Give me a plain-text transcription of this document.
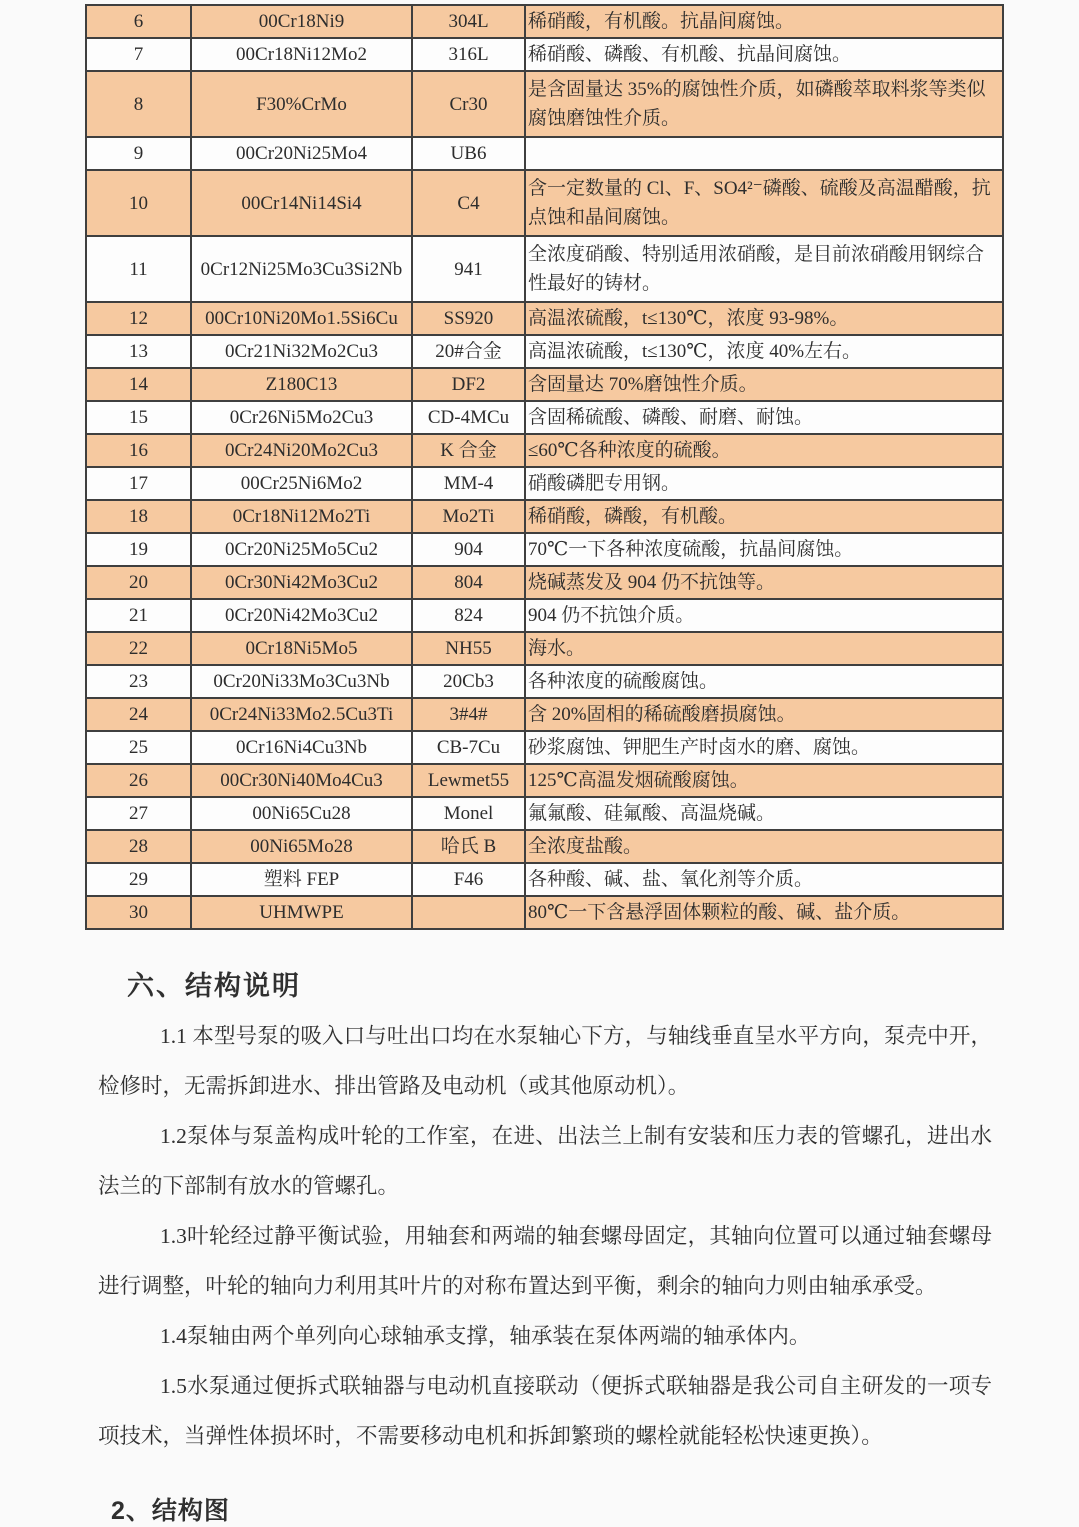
6	00Cr18Ni9	304L	稀硝酸，有机酸。抗晶间腐蚀。
7	00Cr18Ni12Mo2	316L	稀硝酸、磷酸、有机酸、抗晶间腐蚀。
8	F30%CrMo	Cr30	是含固量达 35%的腐蚀性介质，如磷酸萃取料浆等类似腐蚀磨蚀性介质。
9	00Cr20Ni25Mo4	UB6	
10	00Cr14Ni14Si4	C4	含一定数量的 Cl、F、SO4²⁻磷酸、硫酸及高温醋酸，抗点蚀和晶间腐蚀。
11	0Cr12Ni25Mo3Cu3Si2Nb	941	全浓度硝酸、特别适用浓硝酸，是目前浓硝酸用钢综合性最好的铸材。
12	00Cr10Ni20Mo1.5Si6Cu	SS920	高温浓硫酸，t≤130℃，浓度 93-98%。
13	0Cr21Ni32Mo2Cu3	20#合金	高温浓硫酸，t≤130℃，浓度 40%左右。
14	Z180C13	DF2	含固量达 70%磨蚀性介质。
15	0Cr26Ni5Mo2Cu3	CD-4MCu	含固稀硫酸、磷酸、耐磨、耐蚀。
16	0Cr24Ni20Mo2Cu3	K 合金	≤60℃各种浓度的硫酸。
17	00Cr25Ni6Mo2	MM-4	硝酸磷肥专用钢。
18	0Cr18Ni12Mo2Ti	Mo2Ti	稀硝酸，磷酸，有机酸。
19	0Cr20Ni25Mo5Cu2	904	70℃一下各种浓度硫酸，抗晶间腐蚀。
20	0Cr30Ni42Mo3Cu2	804	烧碱蒸发及 904 仍不抗蚀等。
21	0Cr20Ni42Mo3Cu2	824	904 仍不抗蚀介质。
22	0Cr18Ni5Mo5	NH55	海水。
23	0Cr20Ni33Mo3Cu3Nb	20Cb3	各种浓度的硫酸腐蚀。
24	0Cr24Ni33Mo2.5Cu3Ti	3#4#	含 20%固相的稀硫酸磨损腐蚀。
25	0Cr16Ni4Cu3Nb	CB-7Cu	砂浆腐蚀、钾肥生产时卤水的磨、腐蚀。
26	00Cr30Ni40Mo4Cu3	Lewmet55	125℃高温发烟硫酸腐蚀。
27	00Ni65Cu28	Monel	氟氟酸、硅氟酸、高温烧碱。
28	00Ni65Mo28	哈氏 B	全浓度盐酸。
29	塑料 FEP	F46	各种酸、碱、盐、氧化剂等介质。
30	UHMWPE		80℃一下含悬浮固体颗粒的酸、碱、盐介质。
六、结构说明

1.1 本型号泵的吸入口与吐出口均在水泵轴心下方，与轴线垂直呈水平方向，泵壳中开，检修时，无需拆卸进水、排出管路及电动机（或其他原动机）。

1.2泵体与泵盖构成叶轮的工作室，在进、出法兰上制有安装和压力表的管螺孔，进出水法兰的下部制有放水的管螺孔。

1.3叶轮经过静平衡试验，用轴套和两端的轴套螺母固定，其轴向位置可以通过轴套螺母进行调整，叶轮的轴向力利用其叶片的对称布置达到平衡，剩余的轴向力则由轴承承受。

1.4泵轴由两个单列向心球轴承支撑，轴承装在泵体两端的轴承体内。

1.5水泵通过便拆式联轴器与电动机直接联动（便拆式联轴器是我公司自主研发的一项专项技术，当弹性体损坏时，不需要移动电机和拆卸繁琐的螺栓就能轻松快速更换）。

2、结构图
